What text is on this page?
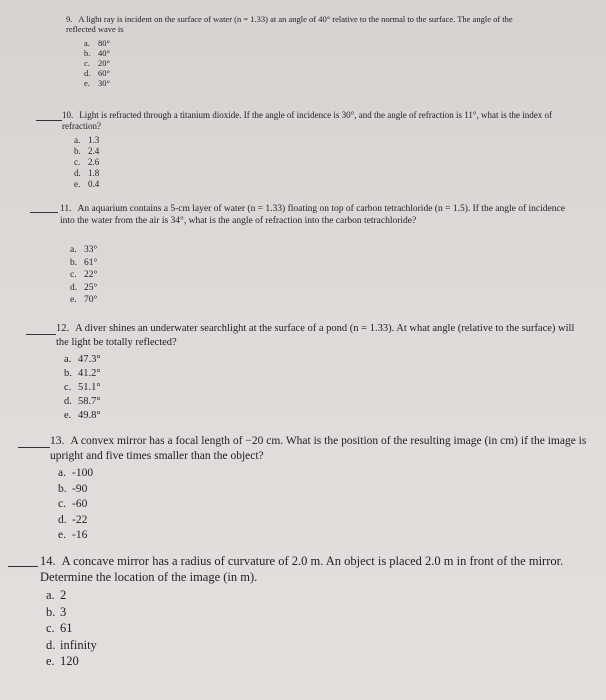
9. A light ray is incident on the surface of water (n = 1.33) at an angle of 40° relative to the normal to the surface. The angle of the reflected wave is
a. 80°
b. 40°
c. 20°
d. 60°
e. 30°
10. Light is refracted through a titanium dioxide. If the angle of incidence is 30°, and the angle of refraction is 11°, what is the index of refraction?
a. 1.3
b. 2.4
c. 2.6
d. 1.8
e. 0.4
11. An aquarium contains a 5-cm layer of water (n = 1.33) floating on top of carbon tetrachloride (n = 1.5). If the angle of incidence into the water from the air is 34°, what is the angle of refraction into the carbon tetrachloride?
a. 33°
b. 61°
c. 22°
d. 25°
e. 70°
12. A diver shines an underwater searchlight at the surface of a pond (n = 1.33). At what angle (relative to the surface) will the light be totally reflected?
a. 47.3°
b. 41.2°
c. 51.1°
d. 58.7°
e. 49.8°
13. A convex mirror has a focal length of −20 cm. What is the position of the resulting image (in cm) if the image is upright and five times smaller than the object?
a. -100
b. -90
c. -60
d. -22
e. -16
14. A concave mirror has a radius of curvature of 2.0 m. An object is placed 2.0 m in front of the mirror. Determine the location of the image (in m).
a. 2
b. 3
c. 61
d. infinity
e. 120
